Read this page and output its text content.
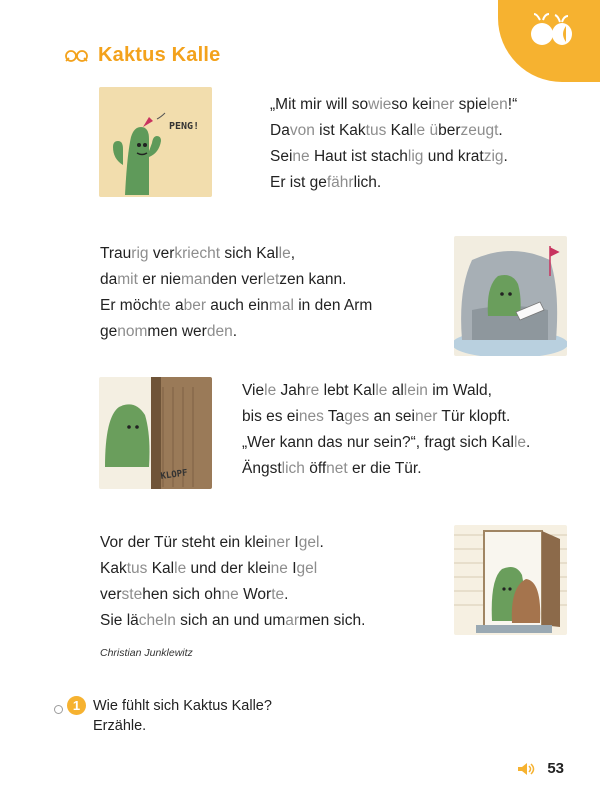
Kaktus Kalle
PENG!
„Mit mir will sowieso keiner spielen!“
Davon ist Kaktus Kalle überzeugt.
Seine Haut ist stachlig und kratzig.
Er ist gefährlich.
Traurig verkriecht sich Kalle,
damit er niemanden verletzen kann.
Er möchte aber auch einmal in den Arm
genommen werden.
KLOPF
Viele Jahre lebt Kalle allein im Wald,
bis es eines Tages an seiner Tür klopft.
„Wer kann das nur sein?“, fragt sich Kalle.
Ängstlich öffnet er die Tür.
Vor der Tür steht ein kleiner Igel.
Kaktus Kalle und der kleine Igel
verstehen sich ohne Worte.
Sie lächeln sich an und umarmen sich.
Christian Junklewitz
1 Wie fühlt sich Kaktus Kalle?
Erzähle.
53
